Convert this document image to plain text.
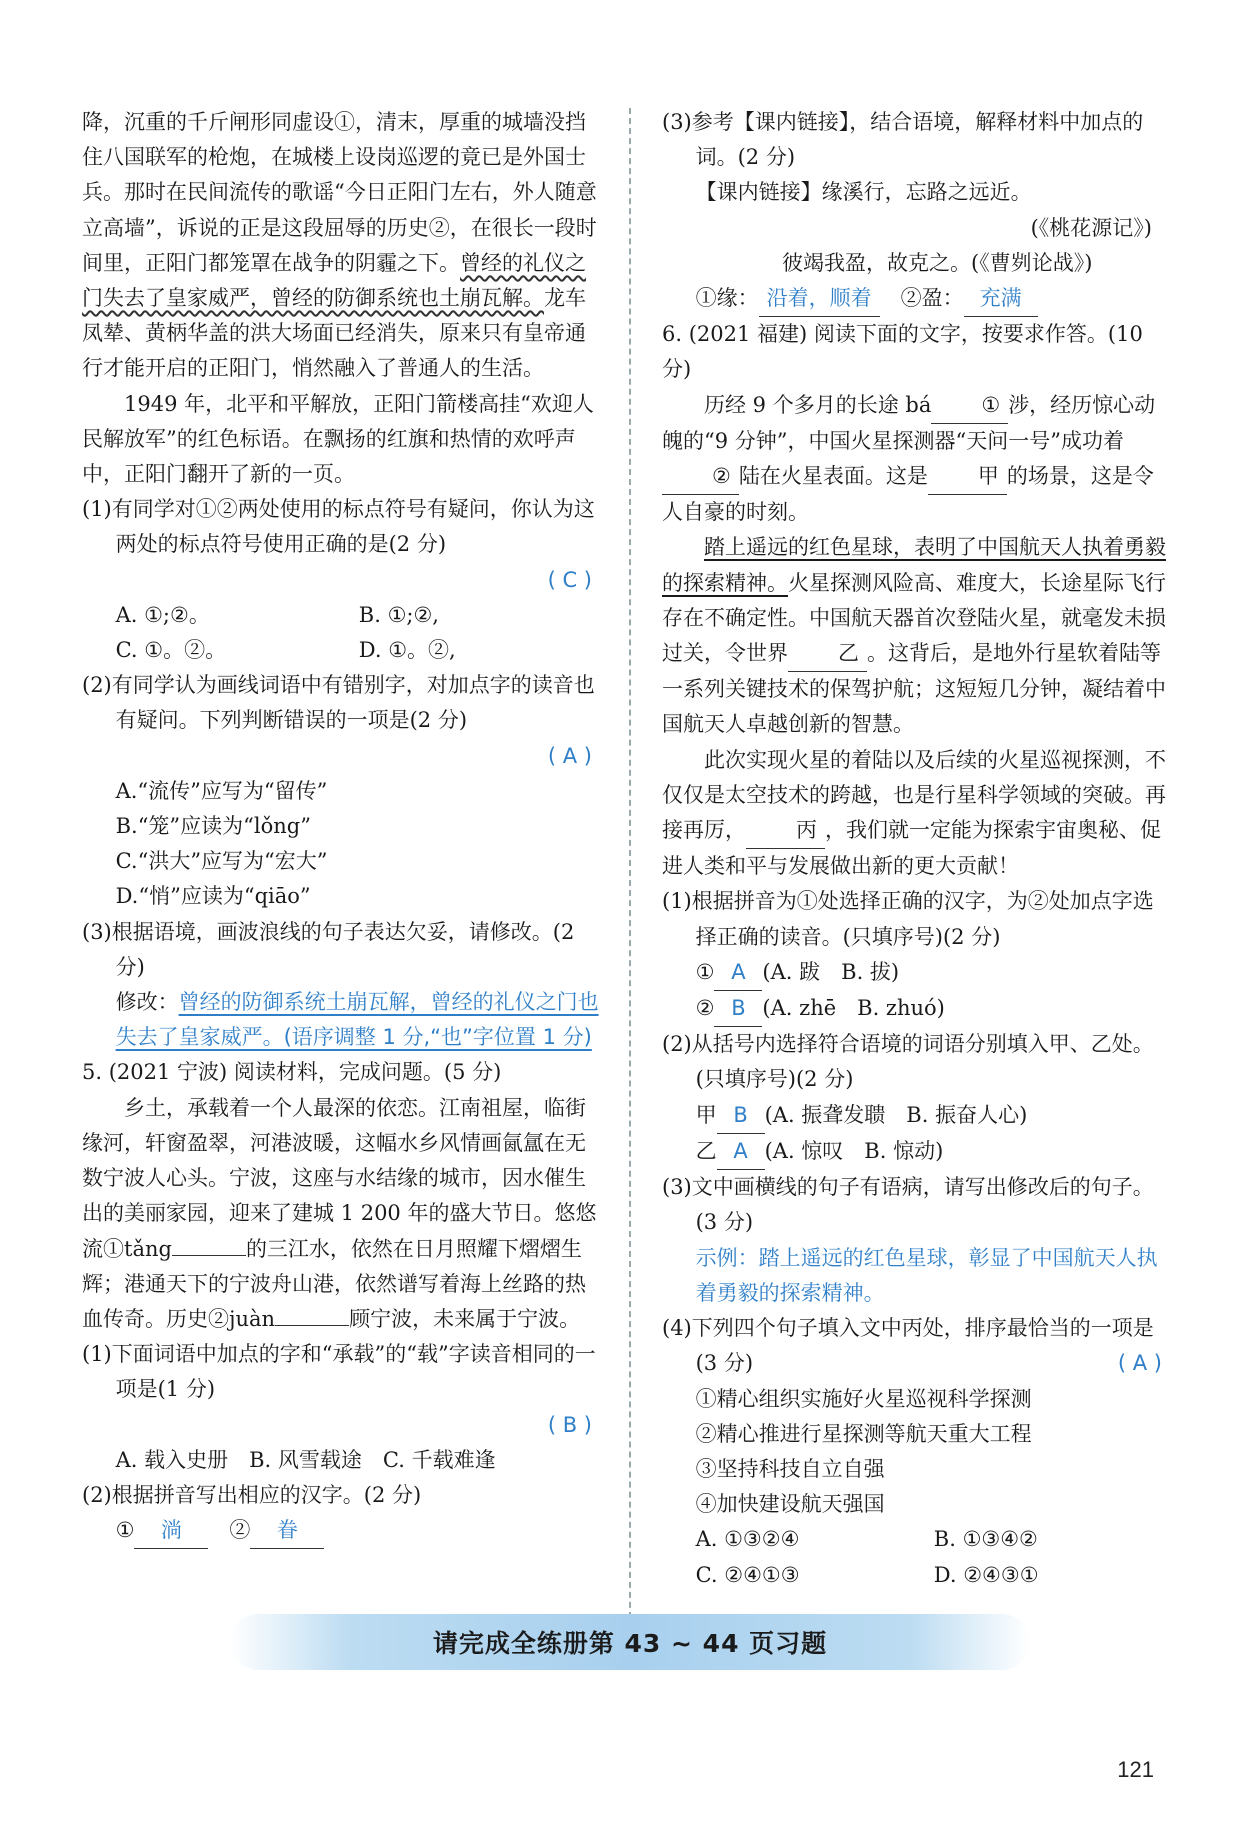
降，沉重的千斤闸形同虚设①，清末，厚重的城墙没挡住八国联军的枪炮，在城楼上设岗巡逻的竟已是外国士兵。那时在民间流传的歌谣“今日正阳门左右，外人随意立高墙”，诉说的正是这段屈辱的历史②，在很长一段时间里，正阳门都笼罩在战争的阴霾之下。曾经的礼仪之门失去了皇家威严，曾经的防御系统也土崩瓦解。龙车凤辇、黄柄华盖的洪大场面已经消失，原来只有皇帝通行才能开启的正阳门，悄然融入了普通人的生活。

1949 年，北平和平解放，正阳门箭楼高挂“欢迎人民解放军”的红色标语。在飘扬的红旗和热情的欢呼声中，正阳门翻开了新的一页。

(1)有同学对①②两处使用的标点符号有疑问，你认为这两处的标点符号使用正确的是(2 分)

( C )

A. ①;②。	B. ①;②,
C. ①。②。	D. ①。②,

(2)有同学认为画线词语中有错别字，对加点字的读音也有疑问。下列判断错误的一项是(2 分)

( A )

A.“流传”应写为“留传”

B.“笼”应读为“lǒng”

C.“洪大”应写为“宏大”

D.“悄”应读为“qiāo”

(3)根据语境，画波浪线的句子表达欠妥，请修改。(2 分)

修改：曾经的防御系统土崩瓦解，曾经的礼仪之门也失去了皇家威严。(语序调整 1 分,“也”字位置 1 分)

5. (2021 宁波) 阅读材料，完成问题。(5 分)

乡土，承载着一个人最深的依恋。江南祖屋，临街缘河，轩窗盈翠，河港波暖，这幅水乡风情画氤氲在无数宁波人心头。宁波，这座与水结缘的城市，因水催生出的美丽家园，迎来了建城 1 200 年的盛大节日。悠悠流①tǎng	的三江水，依然在日月照耀下熠熠生辉；港通天下的宁波舟山港，依然谱写着海上丝路的热血传奇。历史②juàn	顾宁波，未来属于宁波。

(1)下面词语中加点的字和“承载”的“载”字读音相同的一项是(1 分)

( B )

A. 载入史册　 B. 风雪载途　 C. 千载难逢

(2)根据拼音写出相应的汉字。(2 分)

① 淌　 ② 眷

(3)参考【课内链接】，结合语境，解释材料中加点的词。(2 分)

【课内链接】缘溪行，忘路之远近。

(《桃花源记》)

彼竭我盈，故克之。(《曹刿论战》)

①缘： 沿着，顺着　 ②盈： 充满

6. (2021 福建) 阅读下面的文字，按要求作答。(10 分)

历经 9 个多月的长途 bá ① 涉，经历惊心动魄的“9 分钟”，中国火星探测器“天问一号”成功着② 陆在火星表面。这是 甲 的场景，这是令人自豪的时刻。

踏上遥远的红色星球，表明了中国航天人执着勇毅的探索精神。火星探测风险高、难度大，长途星际飞行存在不确定性。中国航天器首次登陆火星，就毫发未损过关，令世界 乙 。这背后，是地外行星软着陆等一系列关键技术的保驾护航；这短短几分钟，凝结着中国航天人卓越创新的智慧。

此次实现火星的着陆以及后续的火星巡视探测，不仅仅是太空技术的跨越，也是行星科学领域的突破。再接再厉， 丙 ，我们就一定能为探索宇宙奥秘、促进人类和平与发展做出新的更大贡献！

(1)根据拼音为①处选择正确的汉字，为②处加点字选择正确的读音。(只填序号)(2 分)

① A (A. 跋　B. 拔)

② B (A. zhē　B. zhuó)

(2)从括号内选择符合语境的词语分别填入甲、乙处。(只填序号)(2 分)

甲 B (A. 振聋发聩　B. 振奋人心)

乙 A (A. 惊叹　B. 惊动)

(3)文中画横线的句子有语病，请写出修改后的句子。(3 分)

示例：踏上遥远的红色星球，彰显了中国航天人执着勇毅的探索精神。

(4)下列四个句子填入文中丙处，排序最恰当的一项是(3 分)	( A )

①精心组织实施好火星巡视科学探测

②精心推进行星探测等航天重大工程

③坚持科技自立自强

④加快建设航天强国

A. ①③②④	B. ①③④②
C. ②④①③	D. ②④③①
请完成全练册第 43 ~ 44 页习题
121
